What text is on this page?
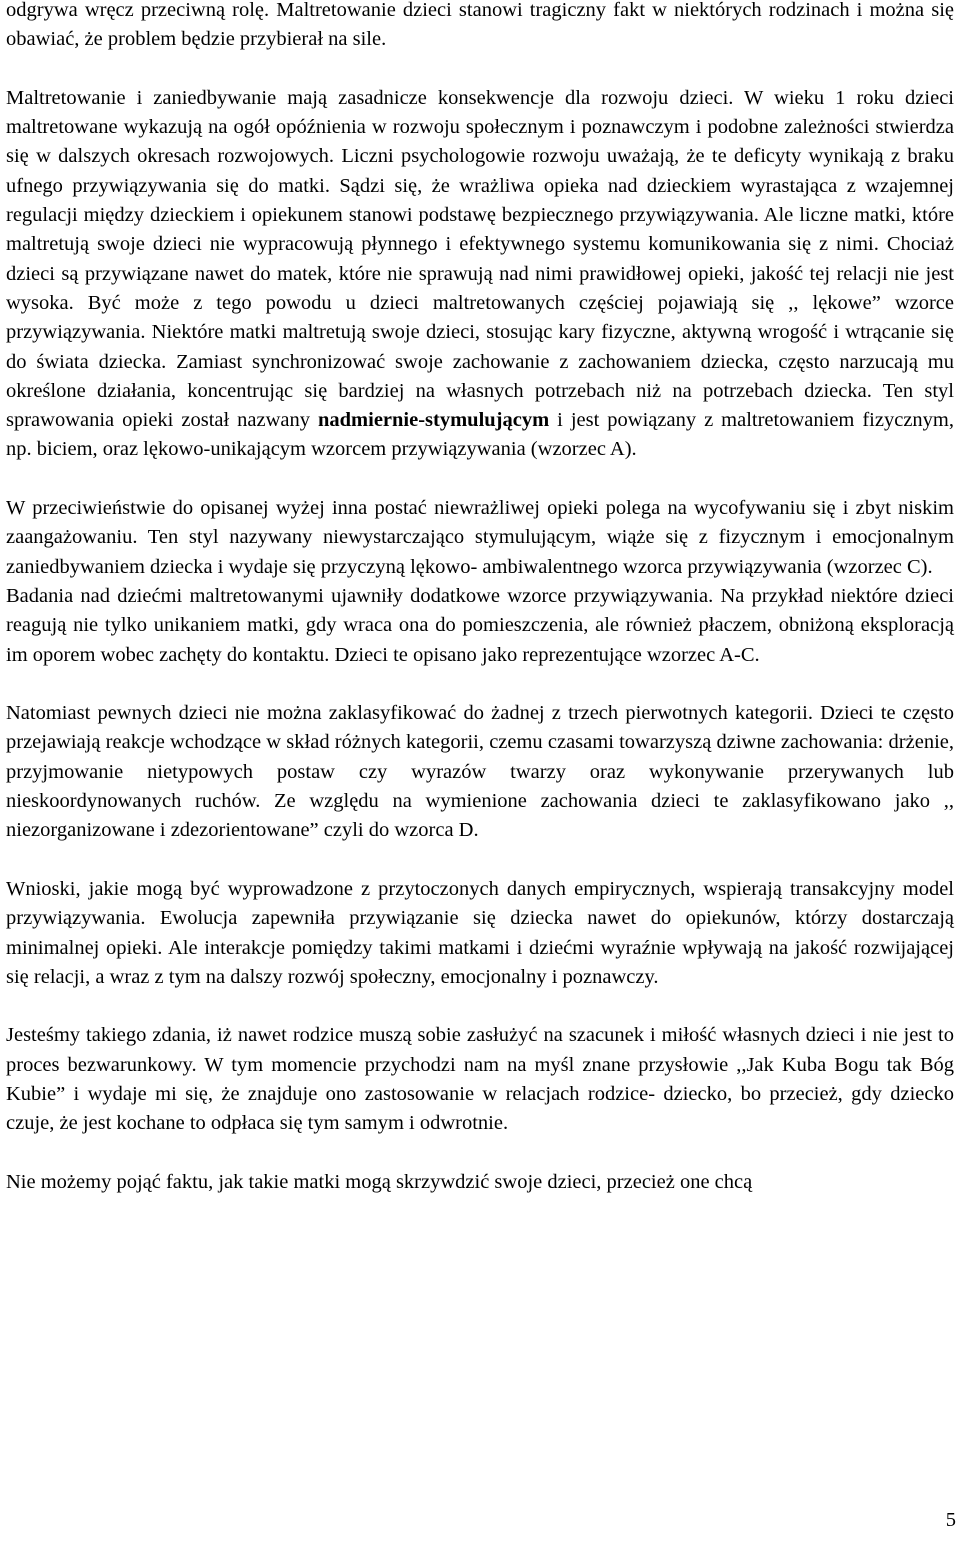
odgrywa wręcz przeciwną rolę. Maltretowanie dzieci stanowi tragiczny fakt w niektórych rodzinach i można się obawiać, że problem będzie przybierał na sile.

Maltretowanie i zaniedbywanie mają zasadnicze konsekwencje dla rozwoju dzieci. W wieku 1 roku dzieci maltretowane wykazują na ogół opóźnienia w rozwoju społecznym i poznawczym i podobne zależności stwierdza się w dalszych okresach rozwojowych. Liczni psychologowie rozwoju uważają, że te deficyty wynikają z braku ufnego przywiązywania się do matki. Sądzi się, że wrażliwa opieka nad dzieckiem wyrastająca z wzajemnej regulacji między dzieckiem i opiekunem stanowi podstawę bezpiecznego przywiązywania. Ale liczne matki, które maltretują swoje dzieci nie wypracowują płynnego i efektywnego systemu komunikowania się z nimi. Chociaż dzieci są przywiązane nawet do matek, które nie sprawują nad nimi prawidłowej opieki, jakość tej relacji nie jest wysoka. Być może z tego powodu u dzieci maltretowanych częściej pojawiają się ,, lękowe” wzorce przywiązywania. Niektóre matki maltretują swoje dzieci, stosując kary fizyczne, aktywną wrogość i wtrącanie się do świata dziecka. Zamiast synchronizować swoje zachowanie z zachowaniem dziecka, często narzucają mu określone działania, koncentrując się bardziej na własnych potrzebach niż na potrzebach dziecka. Ten styl sprawowania opieki został nazwany nadmiernie-stymulującym i jest powiązany z maltretowaniem fizycznym, np. biciem, oraz lękowo-unikającym wzorcem przywiązywania (wzorzec A).

W przeciwieństwie do opisanej wyżej inna postać niewrażliwej opieki polega na wycofywaniu się i zbyt niskim zaangażowaniu. Ten styl nazywany niewystarczająco stymulującym, wiąże się z fizycznym i emocjonalnym zaniedbywaniem dziecka i wydaje się przyczyną lękowo- ambiwalentnego wzorca przywiązywania (wzorzec C).

Badania nad dziećmi maltretowanymi ujawniły dodatkowe wzorce przywiązywania. Na przykład niektóre dzieci reagują nie tylko unikaniem matki, gdy wraca ona do pomieszczenia, ale również płaczem, obniżoną eksploracją im oporem wobec zachęty do kontaktu. Dzieci te opisano jako reprezentujące wzorzec A-C.

Natomiast pewnych dzieci nie można zaklasyfikować do żadnej z trzech pierwotnych kategorii. Dzieci te często przejawiają reakcje wchodzące w skład różnych kategorii, czemu czasami towarzyszą dziwne zachowania: drżenie, przyjmowanie nietypowych postaw czy wyrazów twarzy oraz wykonywanie przerywanych lub nieskoordynowanych ruchów. Ze względu na wymienione zachowania dzieci te zaklasyfikowano jako ,, niezorganizowane i zdezorientowane” czyli do wzorca D.

Wnioski, jakie mogą być wyprowadzone z przytoczonych danych empirycznych, wspierają transakcyjny model przywiązywania. Ewolucja zapewniła przywiązanie się dziecka nawet do opiekunów, którzy dostarczają minimalnej opieki. Ale interakcje pomiędzy takimi matkami i dziećmi wyraźnie wpływają na jakość rozwijającej się relacji, a wraz z tym na dalszy rozwój społeczny, emocjonalny i poznawczy.

Jesteśmy takiego zdania, iż nawet rodzice muszą sobie zasłużyć na szacunek i miłość własnych dzieci i nie jest to proces bezwarunkowy. W tym momencie przychodzi nam na myśl znane przysłowie ,,Jak Kuba Bogu tak Bóg Kubie” i wydaje mi się, że znajduje ono zastosowanie w relacjach rodzice- dziecko, bo przecież, gdy dziecko czuje, że jest kochane to odpłaca się tym samym i odwrotnie.

Nie możemy pojąć faktu, jak takie matki mogą skrzywdzić swoje dzieci, przecież one chcą

5
